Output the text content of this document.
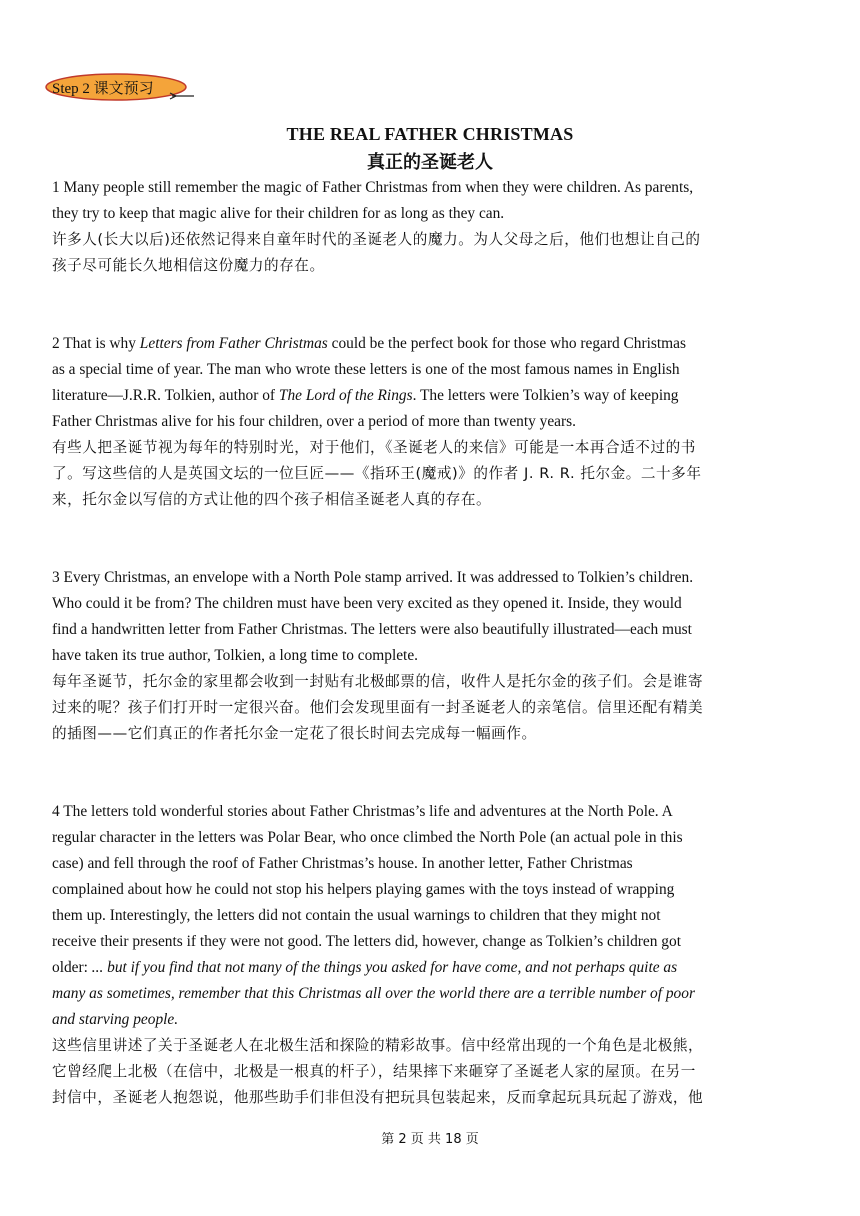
Step 2 课文预习
THE REAL FATHER CHRISTMAS
真正的圣诞老人
1 Many people still remember the magic of Father Christmas from when they were children. As parents,
they try to keep that magic alive for their children for as long as they can.
许多人(长大以后)还依然记得来自童年时代的圣诞老人的魔力。为人父母之后，他们也想让自己的
孩子尽可能长久地相信这份魔力的存在。
2 That is why Letters from Father Christmas could be the perfect book for those who regard Christmas
as a special time of year. The man who wrote these letters is one of the most famous names in English
literature—J.R.R. Tolkien, author of The Lord of the Rings. The letters were Tolkien’s way of keeping
Father Christmas alive for his four children, over a period of more than twenty years.
有些人把圣诞节视为每年的特别时光，对于他们，《圣诞老人的来信》可能是一本再合适不过的书
了。写这些信的人是英国文坛的一位巨匠——《指环王(魔戒)》的作者 J. R. R. 托尔金。二十多年
来，托尔金以写信的方式让他的四个孩子相信圣诞老人真的存在。
3 Every Christmas, an envelope with a North Pole stamp arrived. It was addressed to Tolkien’s children.
Who could it be from? The children must have been very excited as they opened it. Inside, they would
find a handwritten letter from Father Christmas. The letters were also beautifully illustrated—each must
have taken its true author, Tolkien, a long time to complete.
每年圣诞节，托尔金的家里都会收到一封贴有北极邮票的信，收件人是托尔金的孩子们。会是谁寄
过来的呢？孩子们打开时一定很兴奋。他们会发现里面有一封圣诞老人的亲笔信。信里还配有精美
的插图——它们真正的作者托尔金一定花了很长时间去完成每一幅画作。
4 The letters told wonderful stories about Father Christmas’s life and adventures at the North Pole. A
regular character in the letters was Polar Bear, who once climbed the North Pole (an actual pole in this
case) and fell through the roof of Father Christmas’s house. In another letter, Father Christmas
complained about how he could not stop his helpers playing games with the toys instead of wrapping
them up. Interestingly, the letters did not contain the usual warnings to children that they might not
receive their presents if they were not good. The letters did, however, change as Tolkien’s children got
older: ... but if you find that not many of the things you asked for have come, and not perhaps quite as
many as sometimes, remember that this Christmas all over the world there are a terrible number of poor
and starving people.
这些信里讲述了关于圣诞老人在北极生活和探险的精彩故事。信中经常出现的一个角色是北极熊，
它曾经爬上北极（在信中，北极是一根真的杆子），结果摔下来砸穿了圣诞老人家的屋顶。在另一
封信中，圣诞老人抱怨说，他那些助手们非但没有把玩具包装起来，反而拿起玩具玩起了游戏，他
第 2 页 共 18 页
